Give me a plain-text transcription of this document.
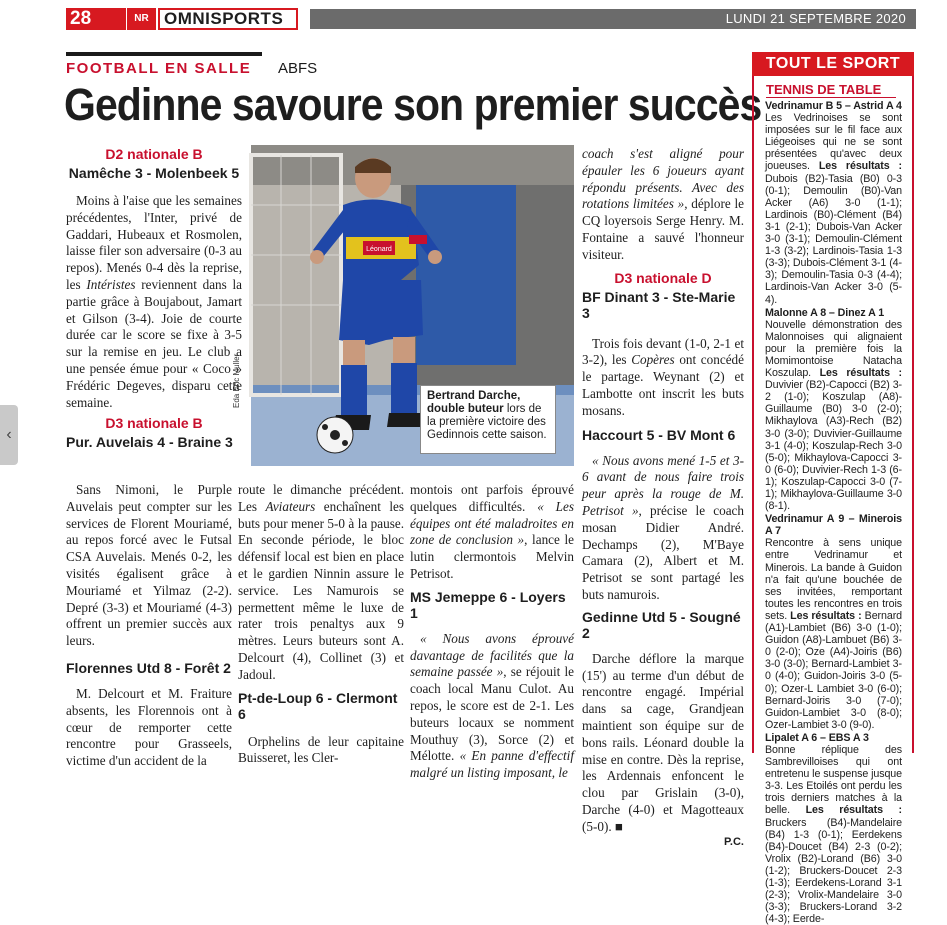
28	NR OMNISPORTS	LUNDI 21 SEPTEMBRE 2020
FOOTBALL EN SALLE ABFS
Gedinne savoure son premier succès
D2 nationale B
Namêche 3 - Molenbeek 5
Moins à l'aise que les semaines précédentes, l'Inter, privé de Gaddari, Hubeaux et Rosmolen, laisse filer son adversaire (0-3 au repos). Menés 0-4 dès la reprise, les Intéristes reviennent dans la partie grâce à Boujabout, Jamart et Gilson (3-4). Joie de courte durée car le score se fixe à 3-5 sur la remise en jeu. Le club a une pensée émue pour « Coco » Frédéric Degeves, disparu cette semaine.
D3 nationale B
Pur. Auvelais 4 - Braine 3
Léonard
Eda Eric Muller	Bertrand Darche, double buteur lors de la première victoire des Gedinnois cette saison.
coach s'est aligné pour épauler les 6 joueurs ayant répondu présents. Avec des rotations limitées », déplore le CQ loyersois Serge Henry. M. Fontaine a sauvé l'honneur visiteur.
D3 nationale D
BF Dinant 3 - Ste-Marie 3
Trois fois devant (1-0, 2-1 et 3-2), les Copères ont concédé le partage. Weynant (2) et Lambotte ont inscrit les buts mosans.
Haccourt 5 - BV Mont 6
« Nous avons mené 1-5 et 3-6 avant de nous faire trois peur après la rouge de M. Petrisot », précise le coach mosan Didier André. Dechamps (2), M'Baye Camara (2), Albert et M. Petrisot se sont partagé les buts namurois.
Gedinne Utd 5 - Sougné 2
Darche déflore la marque (15') au terme d'un début de rencontre engagé. Impérial dans sa cage, Grandjean maintient son équipe sur de bons rails. Léonard double la mise en contre. Dès la reprise, les Ardennais enfoncent le clou par Grislain (3-0), Darche (4-0) et Magotteaux (5-0). ■
P.C.
Sans Nimoni, le Purple Auvelais peut compter sur les services de Florent Mouriamé, au repos forcé avec le Futsal CSA Auvelais. Menés 0-2, les visités égalisent grâce à Mouriamé et Yilmaz (2-2). Depré (3-3) et Mouriamé (4-3) offrent un premier succès aux leurs.
Florennes Utd 8 - Forêt 2
M. Delcourt et M. Fraiture absents, les Florennois ont à cœur de remporter cette rencontre pour Grasseels, victime d'un accident de la
route le dimanche précédent. Les Aviateurs enchaînent les buts pour mener 5-0 à la pause. En seconde période, le bloc défensif local est bien en place et le gardien Ninnin assure le service. Les Namurois se permettent même le luxe de rater trois penaltys aux 9 mètres. Leurs buteurs sont A. Delcourt (4), Collinet (3) et Jadoul.
Pt-de-Loup 6 - Clermont 6
Orphelins de leur capitaine Buisseret, les Cler-
montois ont parfois éprouvé quelques difficultés. « Les équipes ont été maladroites en zone de conclusion », lance le lutin clermontois Melvin Petrisot.
MS Jemeppe 6 - Loyers 1
« Nous avons éprouvé davantage de facilités que la semaine passée », se réjouit le coach local Manu Culot. Au repos, le score est de 2-1. Les buteurs locaux se nomment Mouthuy (3), Sorce (2) et Mélotte. « En panne d'effectif malgré un listing imposant, le
TOUT LE SPORT
TENNIS DE TABLE
Vedrinamur B 5 – Astrid A 4
Les Vedrinoises se sont imposées sur le fil face aux Liégeoises qui ne se sont présentées qu'avec deux joueuses. Les résultats : Dubois (B2)-Tasia (B0) 0-3 (0-1); Demoulin (B0)-Van Acker (A6) 3-0 (1-1); Lardinois (B0)-Clément (B4) 3-1 (2-1); Dubois-Van Acker 3-0 (3-1); Demoulin-Clément 1-3 (3-2); Lardinois-Tasia 1-3 (3-3); Dubois-Clément 3-1 (4-3); Demoulin-Tasia 0-3 (4-4); Lardinois-Van Acker 3-0 (5-4).
Malonne A 8 – Dinez A 1
Nouvelle démonstration des Malonnoises qui alignaient pour la première fois la Momimontoise Natacha Koszulap. Les résultats : Duvivier (B2)-Capocci (B2) 3-2 (1-0); Koszulap (A8)-Guillaume (B0) 3-0 (2-0); Mikhaylova (A3)-Rech (B2) 3-0 (3-0); Duvivier-Guillaume 3-1 (4-0); Koszulap-Rech 3-0 (5-0); Mikhaylova-Capocci 3-0 (6-0); Duvivier-Rech 1-3 (6-1); Koszulap-Capocci 3-0 (7-1); Mikhaylova-Guillaume 3-0 (8-1).
Vedrinamur A 9 – Minerois A 7
Rencontre à sens unique entre Vedrinamur et Minerois. La bande à Guidon n'a fait qu'une bouchée de ses invitées, remportant toutes les rencontres en trois sets. Les résultats : Bernard (A1)-Lambiet (B6) 3-0 (1-0); Guidon (A8)-Lambuet (B6) 3-0 (2-0); Oze (A4)-Joiris (B6) 3-0 (3-0); Bernard-Lambiet 3-0 (4-0); Guidon-Joiris 3-0 (5-0); Ozer-L Lambiet 3-0 (6-0); Bernard-Joiris 3-0 (7-0); Guidon-Lambiet 3-0 (8-0); Ozer-Lambiet 3-0 (9-0).
Lipalet A 6 – EBS A 3
Bonne réplique des Sambrevilloises qui ont entretenu le suspense jusque 3-3. Les Etoilés ont perdu les trois derniers matches à la belle. Les résultats : Bruckers (B4)-Mandelaire (B4) 1-3 (0-1); Eerdekens (B4)-Doucet (B4) 2-3 (0-2); Vrolix (B2)-Lorand (B6) 3-0 (1-2); Bruckers-Doucet 2-3 (1-3); Eerdekens-Lorand 3-1 (2-3); Vrolix-Mandelaire 3-0 (3-3); Bruckers-Lorand 3-2 (4-3); Eerde-
‹
